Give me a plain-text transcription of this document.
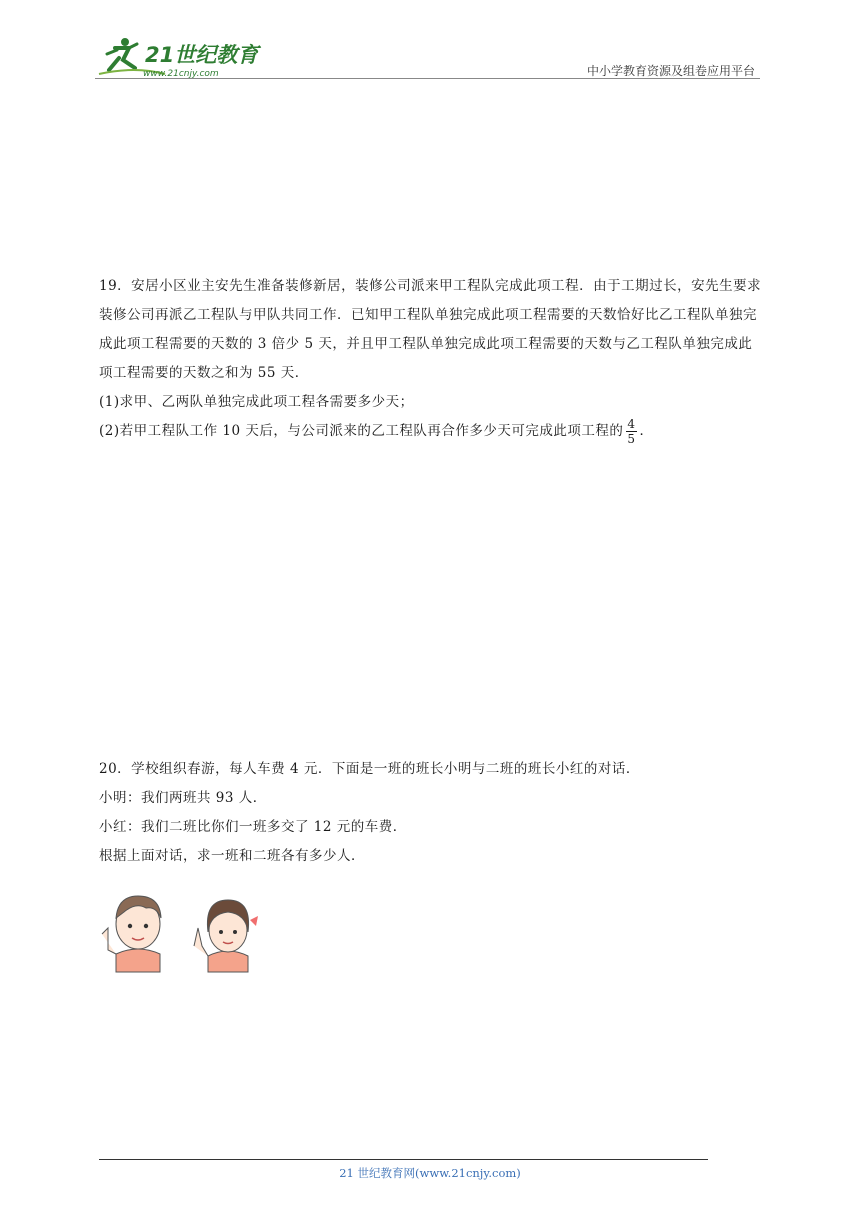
21世纪教育
www.21cnjy.com	中小学教育资源及组卷应用平台

19．安居小区业主安先生准备装修新居，装修公司派来甲工程队完成此项工程．由于工期过长，安先生要求装修公司再派乙工程队与甲队共同工作．已知甲工程队单独完成此项工程需要的天数恰好比乙工程队单独完成此项工程需要的天数的 3 倍少 5 天，并且甲工程队单独完成此项工程需要的天数与乙工程队单独完成此项工程需要的天数之和为 55 天．

(1)求甲、乙两队单独完成此项工程各需要多少天；

(2)若甲工程队工作 10 天后，与公司派来的乙工程队再合作多少天可完成此项工程的 $\frac{4}{5}$ ．

20．学校组织春游，每人车费 4 元．下面是一班的班长小明与二班的班长小红的对话．

小明：我们两班共 93 人．

小红：我们二班比你们一班多交了 12 元的车费．

根据上面对话，求一班和二班各有多少人．

21 世纪教育网(www.21cnjy.com)
